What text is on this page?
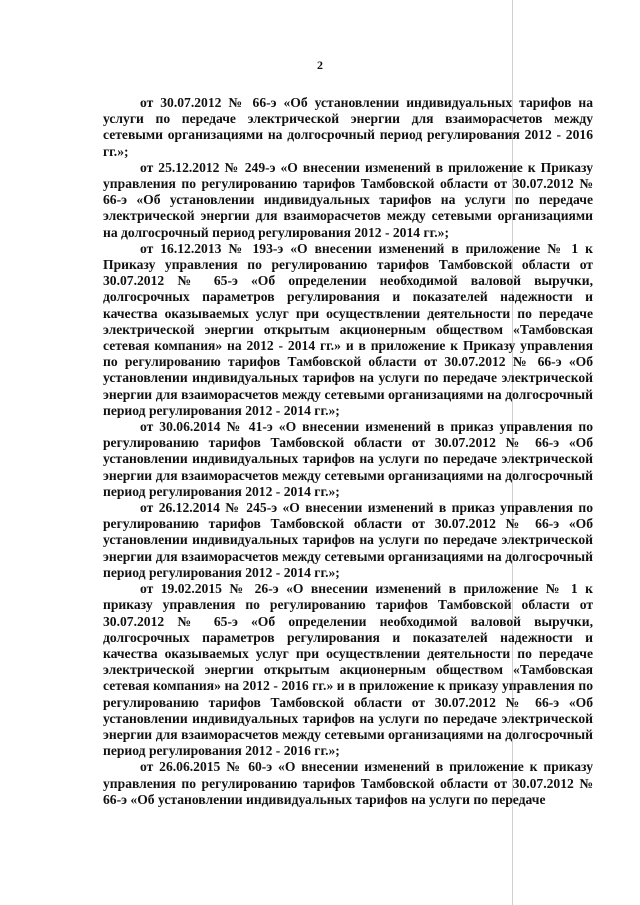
2

от 30.07.2012 № 66-э «Об установлении индивидуальных тарифов на услуги по передаче электрической энергии для взаиморасчетов между сетевыми организациями на долгосрочный период регулирования 2012 - 2016 гг.»;

от 25.12.2012 № 249-э «О внесении изменений в приложение к Приказу управления по регулированию тарифов Тамбовской области от 30.07.2012 № 66-э «Об установлении индивидуальных тарифов на услуги по передаче электрической энергии для взаиморасчетов между сетевыми организациями на долгосрочный период регулирования 2012 - 2014 гг.»;

от 16.12.2013 № 193-э «О внесении изменений в приложение № 1 к Приказу управления по регулированию тарифов Тамбовской области от 30.07.2012 № 65-э «Об определении необходимой валовой выручки, долгосрочных параметров регулирования и показателей надежности и качества оказываемых услуг при осуществлении деятельности по передаче электрической энергии открытым акционерным обществом «Тамбовская сетевая компания» на 2012 - 2014 гг.» и в приложение к Приказу управления по регулированию тарифов Тамбовской области от 30.07.2012 № 66-э «Об установлении индивидуальных тарифов на услуги по передаче электрической энергии для взаиморасчетов между сетевыми организациями на долгосрочный период регулирования 2012 - 2014 гг.»;

от 30.06.2014 № 41-э «О внесении изменений в приказ управления по регулированию тарифов Тамбовской области от 30.07.2012 № 66-э «Об установлении индивидуальных тарифов на услуги по передаче электрической энергии для взаиморасчетов между сетевыми организациями на долгосрочный период регулирования 2012 - 2014 гг.»;

от 26.12.2014 № 245-э «О внесении изменений в приказ управления по регулированию тарифов Тамбовской области от 30.07.2012 № 66-э «Об установлении индивидуальных тарифов на услуги по передаче электрической энергии для взаиморасчетов между сетевыми организациями на долгосрочный период регулирования 2012 - 2014 гг.»;

от 19.02.2015 № 26-э «О внесении изменений в приложение № 1 к приказу управления по регулированию тарифов Тамбовской области от 30.07.2012 № 65-э «Об определении необходимой валовой выручки, долгосрочных параметров регулирования и показателей надежности и качества оказываемых услуг при осуществлении деятельности по передаче электрической энергии открытым акционерным обществом «Тамбовская сетевая компания» на 2012 - 2016 гг.» и в приложение к приказу управления по регулированию тарифов Тамбовской области от 30.07.2012 № 66-э «Об установлении индивидуальных тарифов на услуги по передаче электрической энергии для взаиморасчетов между сетевыми организациями на долгосрочный период регулирования 2012 - 2016 гг.»;

от 26.06.2015 № 60-э «О внесении изменений в приложение к приказу управления по регулированию тарифов Тамбовской области от 30.07.2012 № 66-э «Об установлении индивидуальных тарифов на услуги по передаче
